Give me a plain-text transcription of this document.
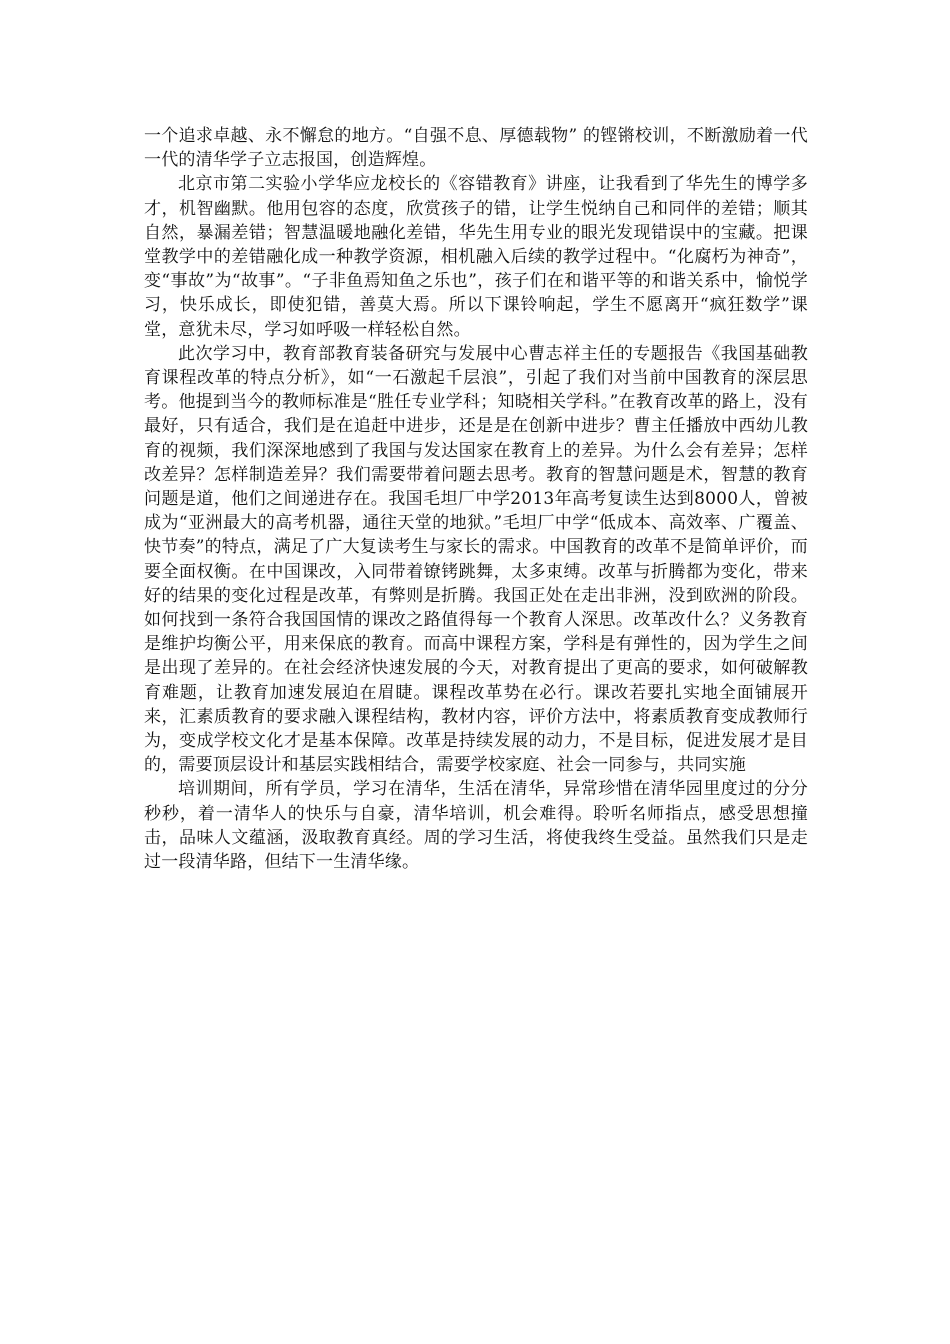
一个追求卓越、永不懈怠的地方。“自强不息、厚德载物” 的铿锵校训，不断激励着一代一代的清华学子立志报国，创造辉煌。

北京市第二实验小学华应龙校长的《容错教育》讲座，让我看到了华先生的博学多才，机智幽默。他用包容的态度，欣赏孩子的错，让学生悦纳自己和同伴的差错；顺其自然，暴漏差错；智慧温暖地融化差错，华先生用专业的眼光发现错误中的宝藏。把课堂教学中的差错融化成一种教学资源，相机融入后续的教学过程中。“化腐朽为神奇”，变“事故”为“故事”。“子非鱼焉知鱼之乐也”，孩子们在和谐平等的和谐关系中，愉悦学习，快乐成长，即使犯错，善莫大焉。所以下课铃响起，学生不愿离开“疯狂数学”课堂，意犹未尽，学习如呼吸一样轻松自然。

此次学习中，教育部教育装备研究与发展中心曹志祥主任的专题报告《我国基础教育课程改革的特点分析》，如“一石激起千层浪”，引起了我们对当前中国教育的深层思考。他提到当今的教师标准是“胜任专业学科；知晓相关学科。”在教育改革的路上，没有最好，只有适合，我们是在追赶中进步，还是是在创新中进步？曹主任播放中西幼儿教育的视频，我们深深地感到了我国与发达国家在教育上的差异。为什么会有差异；怎样改差异？怎样制造差异？我们需要带着问题去思考。教育的智慧问题是术，智慧的教育问题是道，他们之间递进存在。我国毛坦厂中学2013年高考复读生达到8000人，曾被成为“亚洲最大的高考机器，通往天堂的地狱。”毛坦厂中学“低成本、高效率、广覆盖、快节奏”的特点，满足了广大复读考生与家长的需求。中国教育的改革不是简单评价，而要全面权衡。在中国课改，入同带着镣铐跳舞，太多束缚。改革与折腾都为变化，带来好的结果的变化过程是改革，有弊则是折腾。我国正处在走出非洲，没到欧洲的阶段。如何找到一条符合我国国情的课改之路值得每一个教育人深思。改革改什么？义务教育是维护均衡公平，用来保底的教育。而高中课程方案，学科是有弹性的，因为学生之间是出现了差异的。在社会经济快速发展的今天，对教育提出了更高的要求，如何破解教育难题，让教育加速发展迫在眉睫。课程改革势在必行。课改若要扎实地全面铺展开来，汇素质教育的要求融入课程结构，教材内容，评价方法中，将素质教育变成教师行为，变成学校文化才是基本保障。改革是持续发展的动力，不是目标，促进发展才是目的，需要顶层设计和基层实践相结合，需要学校家庭、社会一同参与，共同实施

培训期间，所有学员，学习在清华，生活在清华，异常珍惜在清华园里度过的分分秒秒，着一清华人的快乐与自豪，清华培训，机会难得。聆听名师指点，感受思想撞击，品味人文蕴涵，汲取教育真经。周的学习生活，将使我终生受益。虽然我们只是走过一段清华路，但结下一生清华缘。
